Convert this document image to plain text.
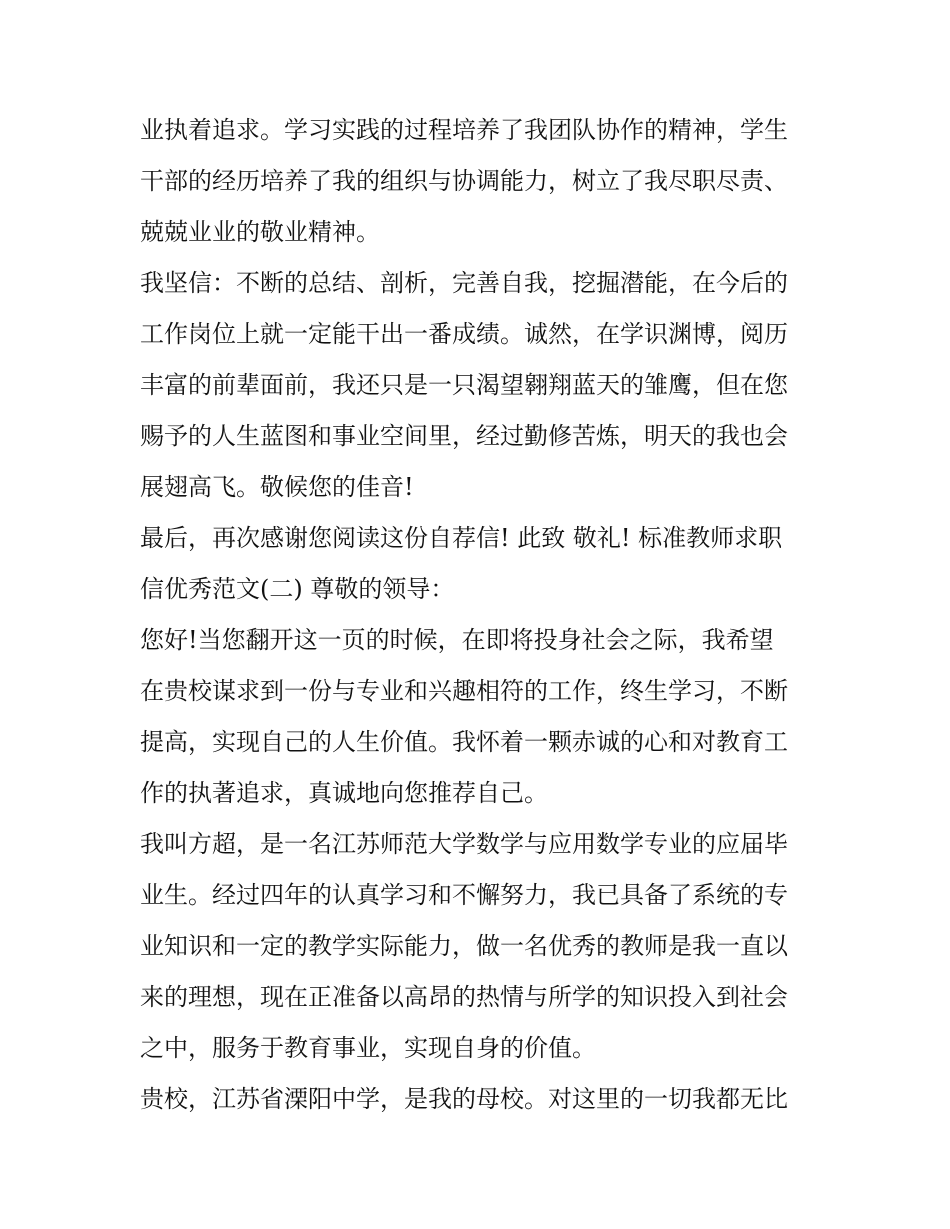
业执着追求。学习实践的过程培养了我团队协作的精神，学生
干部的经历培养了我的组织与协调能力，树立了我尽职尽责、
兢兢业业的敬业精神。
我坚信：不断的总结、剖析，完善自我，挖掘潜能，在今后的
工作岗位上就一定能干出一番成绩。诚然，在学识渊博，阅历
丰富的前辈面前，我还只是一只渴望翱翔蓝天的雏鹰，但在您
赐予的人生蓝图和事业空间里，经过勤修苦炼，明天的我也会
展翅高飞。敬候您的佳音!
最后，再次感谢您阅读这份自荐信! 此致 敬礼! 标准教师求职
信优秀范文(二) 尊敬的领导：
您好!当您翻开这一页的时候，在即将投身社会之际，我希望
在贵校谋求到一份与专业和兴趣相符的工作，终生学习，不断
提高，实现自己的人生价值。我怀着一颗赤诚的心和对教育工
作的执著追求，真诚地向您推荐自己。
我叫方超，是一名江苏师范大学数学与应用数学专业的应届毕
业生。经过四年的认真学习和不懈努力，我已具备了系统的专
业知识和一定的教学实际能力，做一名优秀的教师是我一直以
来的理想，现在正准备以高昂的热情与所学的知识投入到社会
之中，服务于教育事业，实现自身的价值。
贵校，江苏省溧阳中学，是我的母校。对这里的一切我都无比
